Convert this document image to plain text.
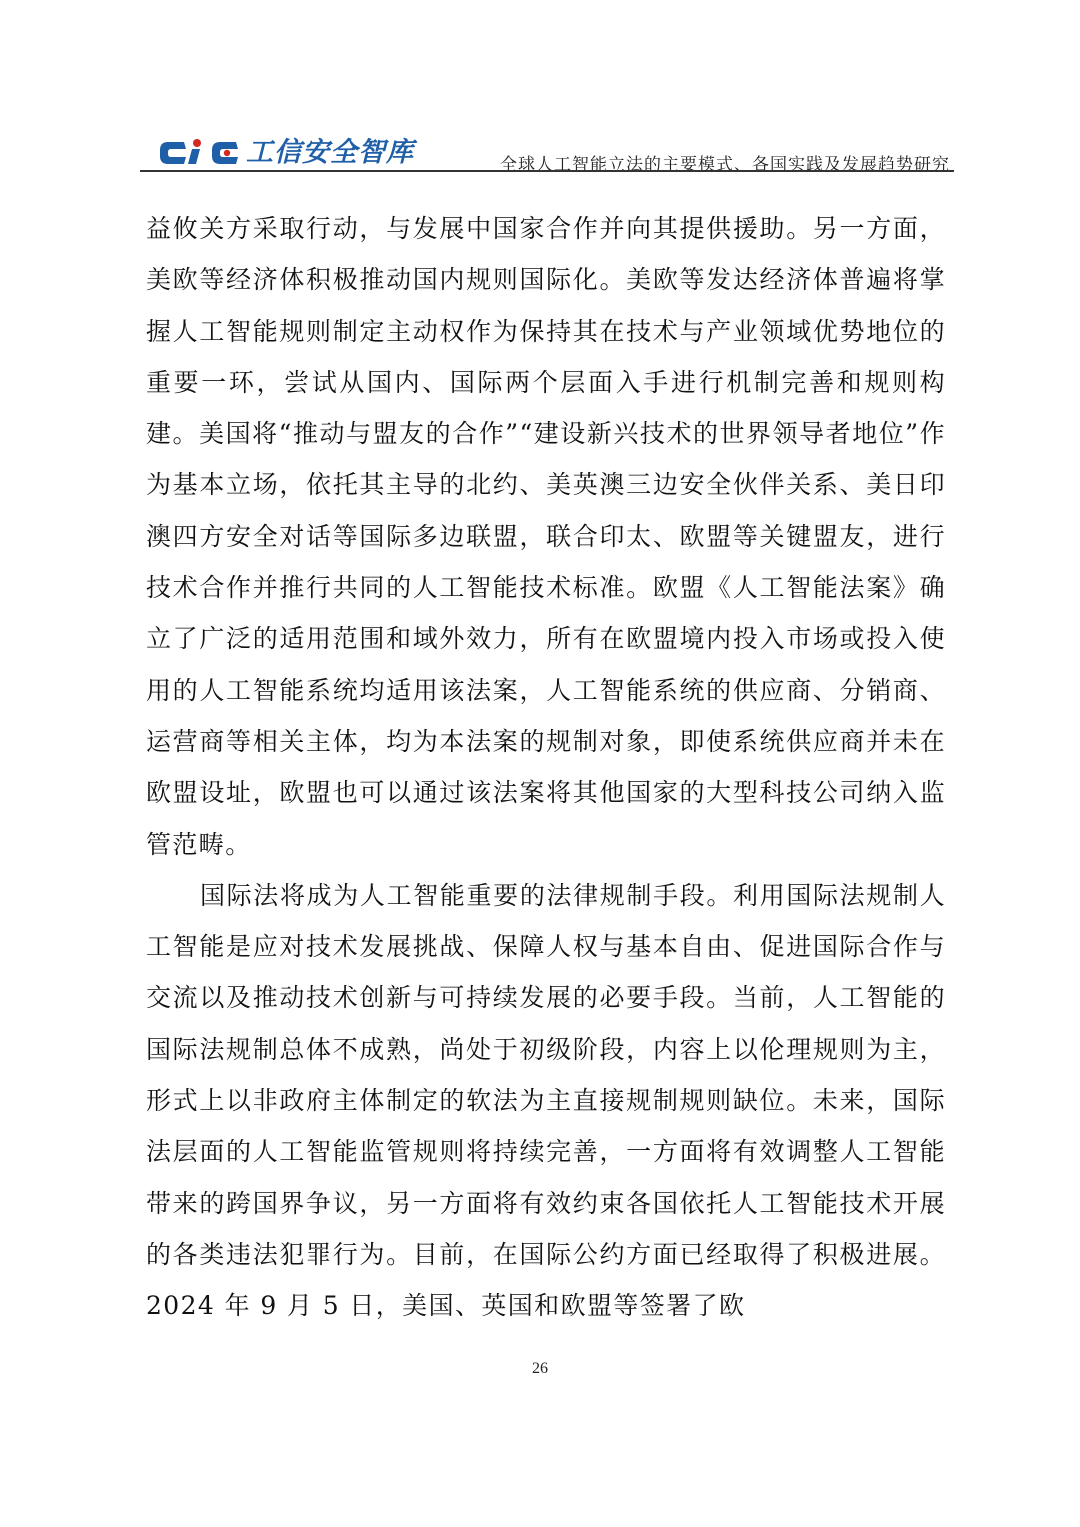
工信安全智库	全球人工智能立法的主要模式、各国实践及发展趋势研究

益攸关方采取行动，与发展中国家合作并向其提供援助。另一方面，美欧等经济体积极推动国内规则国际化。美欧等发达经济体普遍将掌握人工智能规则制定主动权作为保持其在技术与产业领域优势地位的重要一环，尝试从国内、国际两个层面入手进行机制完善和规则构建。美国将“推动与盟友的合作”“建设新兴技术的世界领导者地位”作为基本立场，依托其主导的北约、美英澳三边安全伙伴关系、美日印澳四方安全对话等国际多边联盟，联合印太、欧盟等关键盟友，进行技术合作并推行共同的人工智能技术标准。欧盟《人工智能法案》确立了广泛的适用范围和域外效力，所有在欧盟境内投入市场或投入使用的人工智能系统均适用该法案，人工智能系统的供应商、分销商、运营商等相关主体，均为本法案的规制对象，即使系统供应商并未在欧盟设址，欧盟也可以通过该法案将其他国家的大型科技公司纳入监管范畴。

国际法将成为人工智能重要的法律规制手段。利用国际法规制人工智能是应对技术发展挑战、保障人权与基本自由、促进国际合作与交流以及推动技术创新与可持续发展的必要手段。当前，人工智能的国际法规制总体不成熟，尚处于初级阶段，内容上以伦理规则为主，形式上以非政府主体制定的软法为主直接规制规则缺位。未来，国际法层面的人工智能监管规则将持续完善，一方面将有效调整人工智能带来的跨国界争议，另一方面将有效约束各国依托人工智能技术开展的各类违法犯罪行为。目前，在国际公约方面已经取得了积极进展。2024 年 9 月 5 日，美国、英国和欧盟等签署了欧

26
